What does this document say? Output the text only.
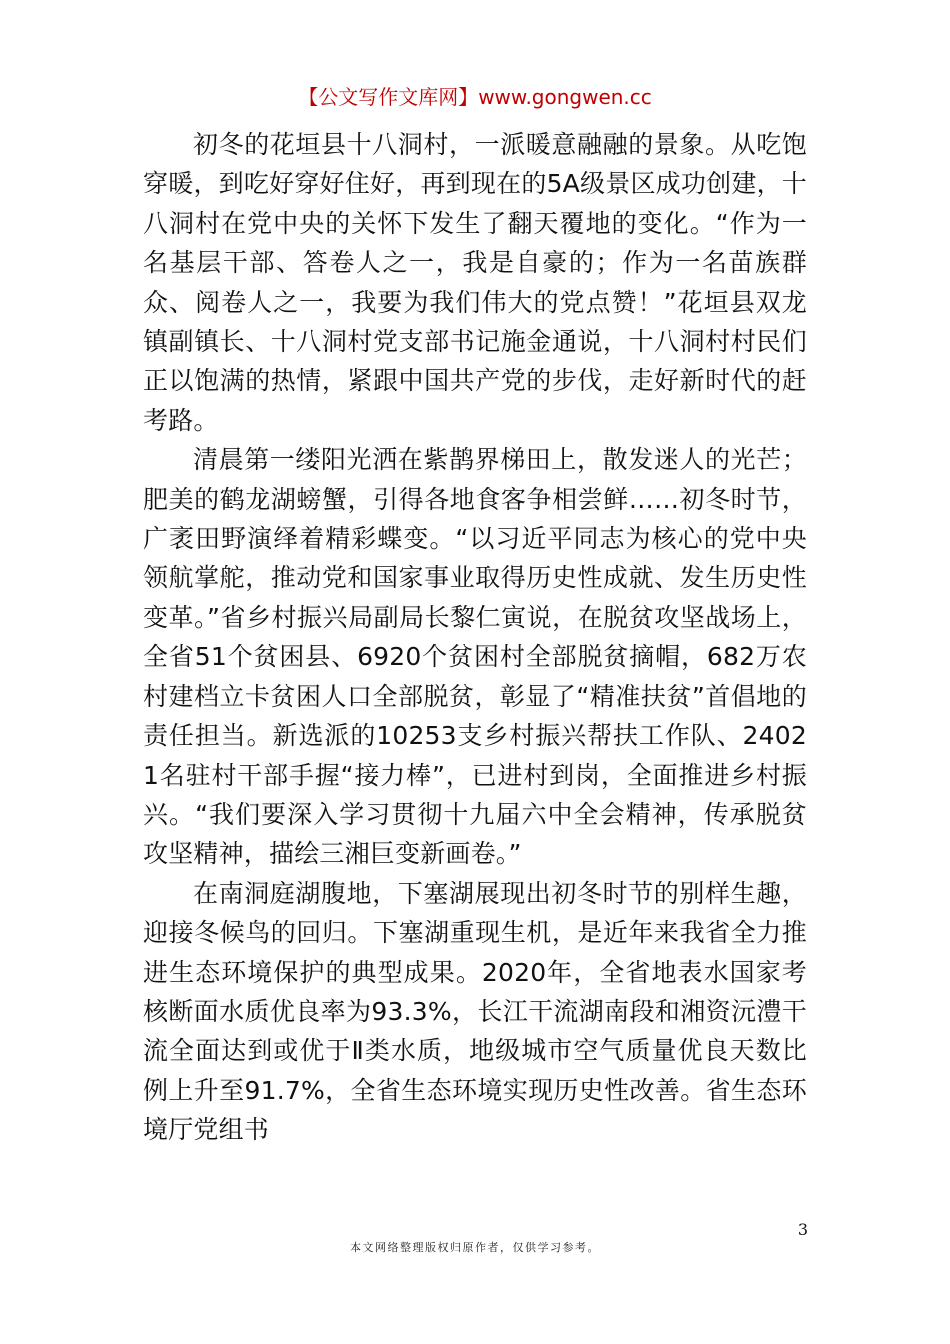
【公文写作文库网】www.gongwen.cc

初冬的花垣县十八洞村，一派暖意融融的景象。从吃饱穿暖，到吃好穿好住好，再到现在的5A级景区成功创建，十八洞村在党中央的关怀下发生了翻天覆地的变化。“作为一名基层干部、答卷人之一，我是自豪的；作为一名苗族群众、阅卷人之一，我要为我们伟大的党点赞！”花垣县双龙镇副镇长、十八洞村党支部书记施金通说，十八洞村村民们正以饱满的热情，紧跟中国共产党的步伐，走好新时代的赶考路。

清晨第一缕阳光洒在紫鹊界梯田上，散发迷人的光芒；肥美的鹤龙湖螃蟹，引得各地食客争相尝鲜……初冬时节，广袤田野演绎着精彩蝶变。“以习近平同志为核心的党中央领航掌舵，推动党和国家事业取得历史性成就、发生历史性变革。”省乡村振兴局副局长黎仁寅说，在脱贫攻坚战场上，全省51个贫困县、6920个贫困村全部脱贫摘帽，682万农村建档立卡贫困人口全部脱贫，彰显了“精准扶贫”首倡地的责任担当。新选派的10253支乡村振兴帮扶工作队、24021名驻村干部手握“接力棒”，已进村到岗，全面推进乡村振兴。“我们要深入学习贯彻十九届六中全会精神，传承脱贫攻坚精神，描绘三湘巨变新画卷。”

在南洞庭湖腹地，下塞湖展现出初冬时节的别样生趣，迎接冬候鸟的回归。下塞湖重现生机，是近年来我省全力推进生态环境保护的典型成果。2020年，全省地表水国家考核断面水质优良率为93.3%，长江干流湖南段和湘资沅澧干流全面达到或优于Ⅱ类水质，地级城市空气质量优良天数比例上升至91.7%，全省生态环境实现历史性改善。省生态环境厅党组书

3
本文网络整理版权归原作者，仅供学习参考。
